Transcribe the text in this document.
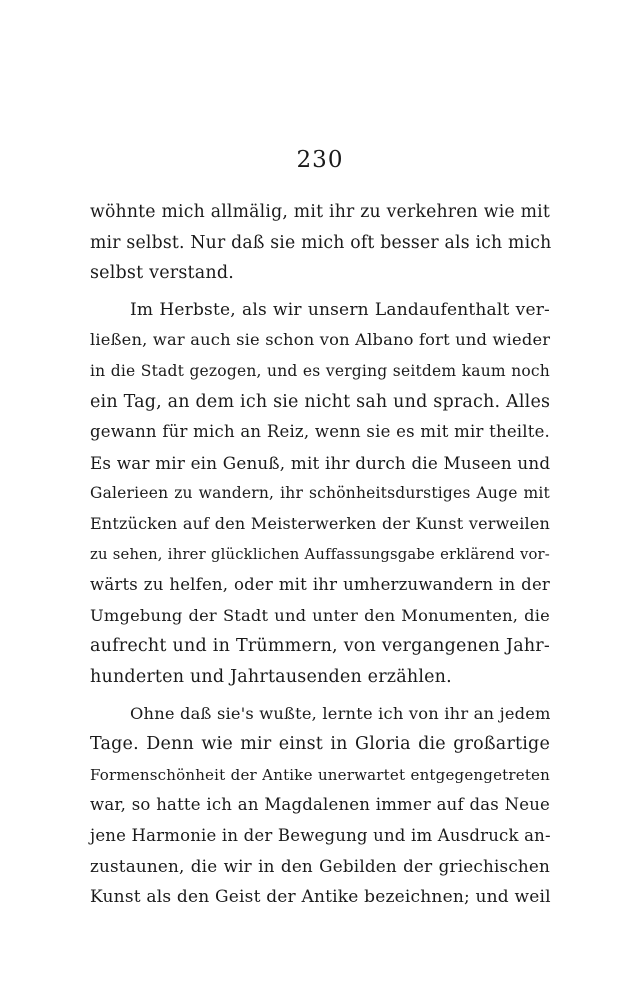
230
wöhnte mich allmälig, mit ihr zu verkehren wie mit
mir selbst. Nur daß sie mich oft besser als ich mich
selbst verstand.
Im Herbste, als wir unsern Landaufenthalt ver-
ließen, war auch sie schon von Albano fort und wieder
in die Stadt gezogen, und es verging seitdem kaum noch
ein Tag, an dem ich sie nicht sah und sprach. Alles
gewann für mich an Reiz, wenn sie es mit mir theilte.
Es war mir ein Genuß, mit ihr durch die Museen und
Galerieen zu wandern, ihr schönheitsdurstiges Auge mit
Entzücken auf den Meisterwerken der Kunst verweilen
zu sehen, ihrer glücklichen Auffassungsgabe erklärend vor-
wärts zu helfen, oder mit ihr umherzuwandern in der
Umgebung der Stadt und unter den Monumenten, die
aufrecht und in Trümmern, von vergangenen Jahr-
hunderten und Jahrtausenden erzählen.
Ohne daß sie's wußte, lernte ich von ihr an jedem
Tage. Denn wie mir einst in Gloria die großartige
Formenschönheit der Antike unerwartet entgegengetreten
war, so hatte ich an Magdalenen immer auf das Neue
jene Harmonie in der Bewegung und im Ausdruck an-
zustaunen, die wir in den Gebilden der griechischen
Kunst als den Geist der Antike bezeichnen; und weil
